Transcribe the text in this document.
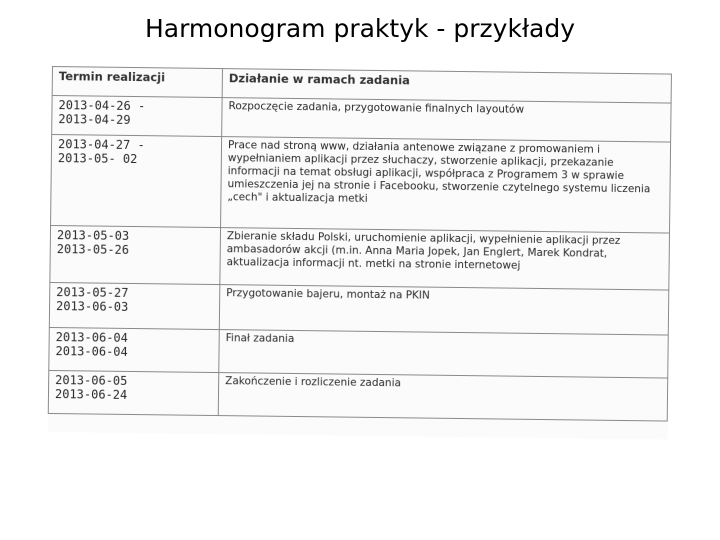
Harmonogram praktyk - przykłady
Termin realizacji	Działanie w ramach zadania
2013-04-26 -
2013-04-29	Rozpoczęcie zadania, przygotowanie finalnych layoutów
2013-04-27 -
2013-05- 02	Prace nad stroną www, działania antenowe związane z promowaniem i wypełnianiem aplikacji przez słuchaczy, stworzenie aplikacji, przekazanie informacji na temat obsługi aplikacji, współpraca z Programem 3 w sprawie umieszczenia jej na stronie i Facebooku, stworzenie czytelnego systemu liczenia „cech" i aktualizacja metki
2013-05-03
2013-05-26	Zbieranie składu Polski, uruchomienie aplikacji, wypełnienie aplikacji przez ambasadorów akcji (m.in. Anna Maria Jopek, Jan Englert, Marek Kondrat, aktualizacja informacji nt. metki na stronie internetowej
2013-05-27
2013-06-03	Przygotowanie bajeru, montaż na PKIN
2013-06-04
2013-06-04	Finał zadania
2013-06-05
2013-06-24	Zakończenie i rozliczenie zadania
